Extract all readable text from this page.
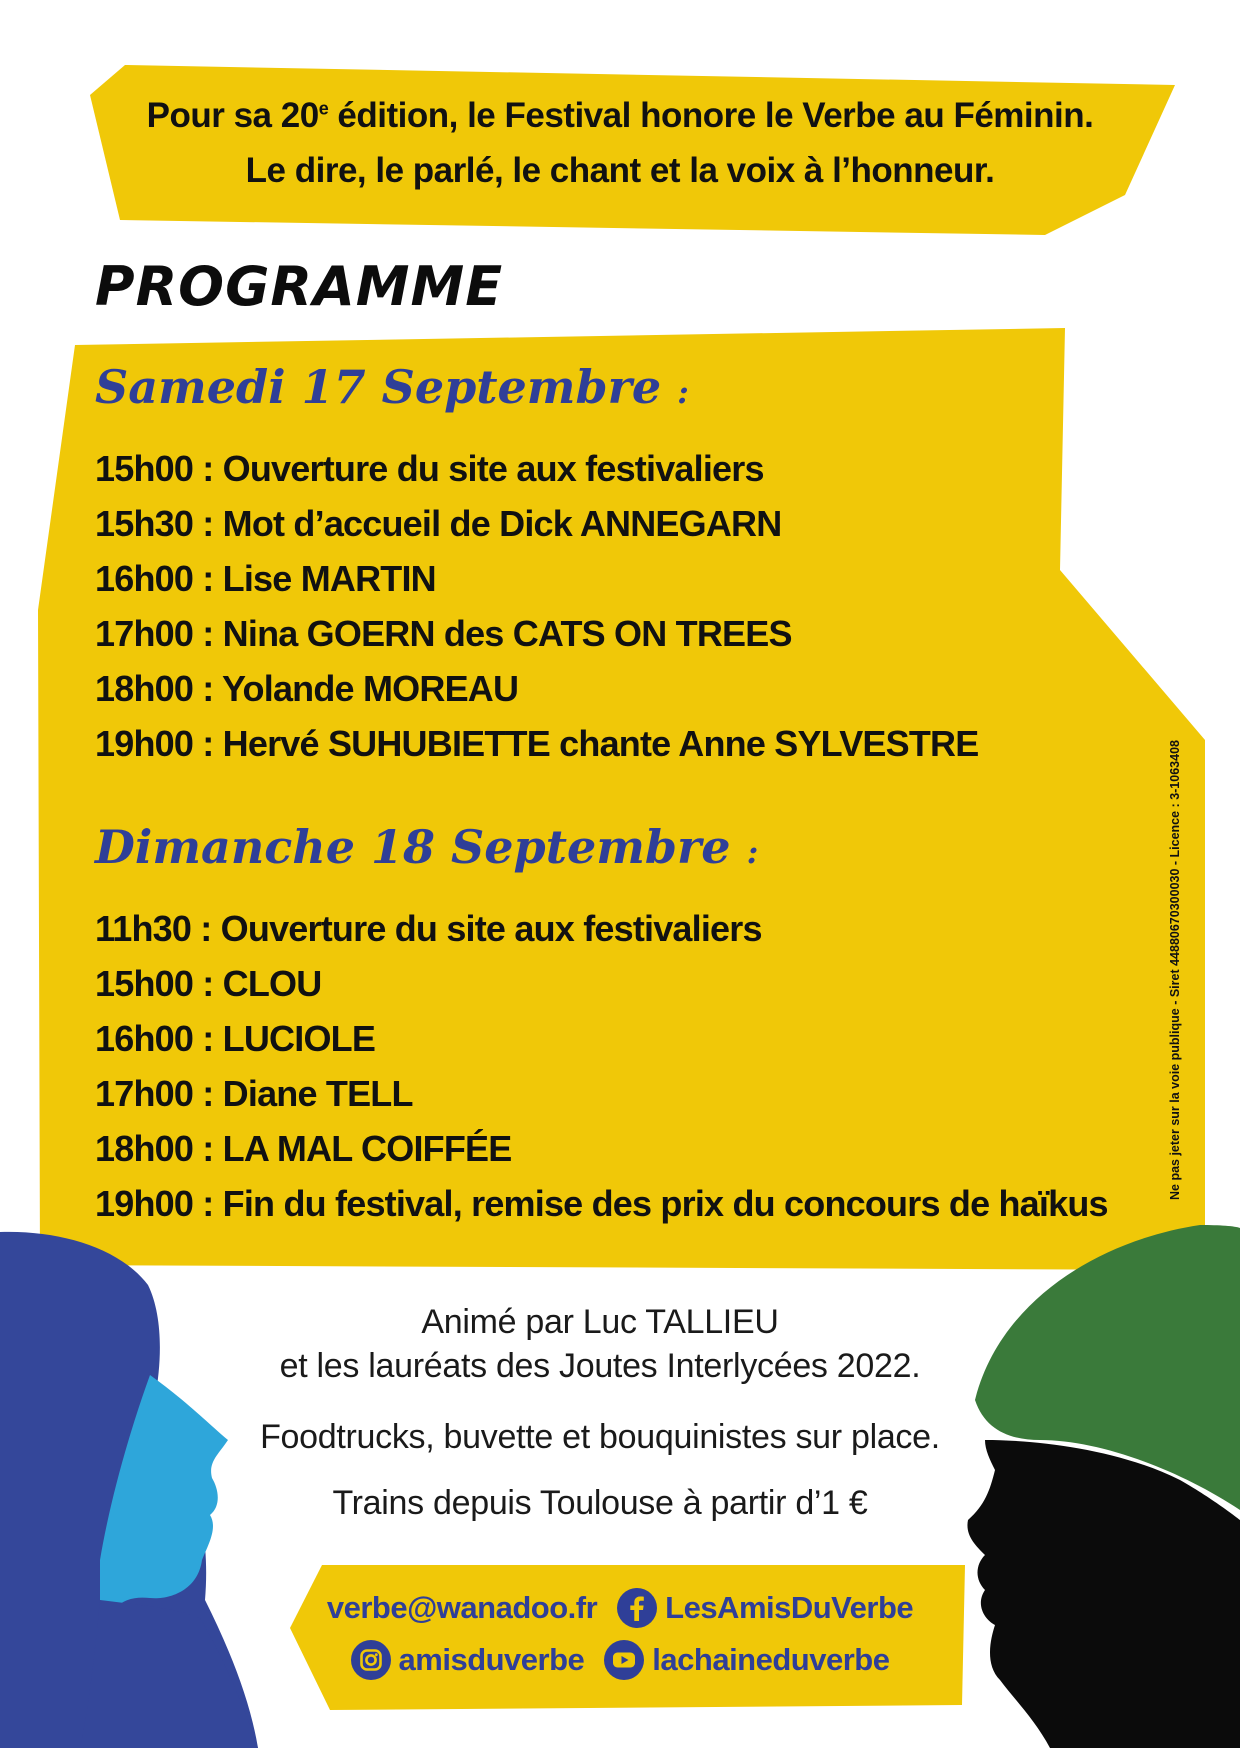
Pour sa 20e édition, le Festival honore le Verbe au Féminin.
Le dire, le parlé, le chant et la voix à l’honneur.
PROGRAMME
Samedi 17 Septembre :
15h00 : Ouverture du site aux festivaliers
15h30 : Mot d’accueil de Dick ANNEGARN
16h00 : Lise MARTIN
17h00 : Nina GOERN des CATS ON TREES
18h00 : Yolande MOREAU
19h00 : Hervé SUHUBIETTE chante Anne SYLVESTRE
Dimanche 18 Septembre :
11h30 : Ouverture du site aux festivaliers
15h00 : CLOU
16h00 : LUCIOLE
17h00 : Diane TELL
18h00 : LA MAL COIFFÉE
19h00 : Fin du festival, remise des prix du concours de haïkus
Animé par Luc TALLIEU
et les lauréats des Joutes Interlycées 2022.
Foodtrucks, buvette et bouquinistes sur place.
Trains depuis Toulouse à partir d’1 €
verbe@wanadoo.fr LesAmisDuVerbe
amisduverbe lachaineduverbe
Ne pas jeter sur la voie publique - Siret 44880670300030 - Licence : 3-1063408
